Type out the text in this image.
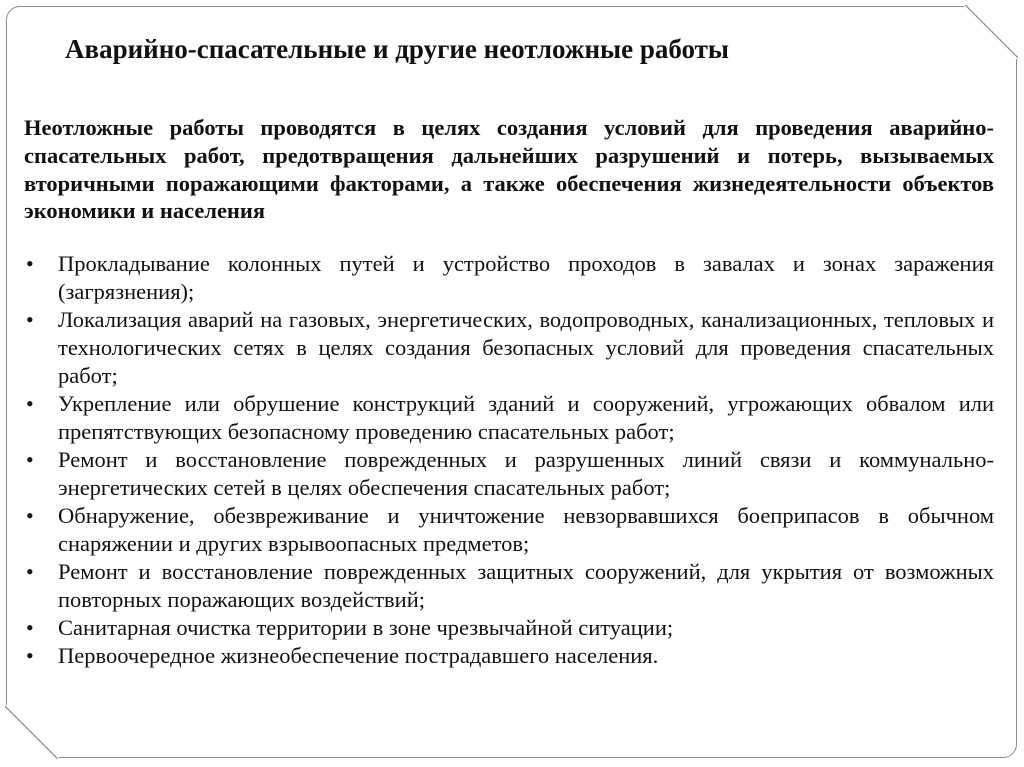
Аварийно-спасательные и другие неотложные работы

Неотложные работы проводятся в целях создания условий для проведения аварийно-спасательных работ, предотвращения дальнейших разрушений и потерь, вызываемых вторичными поражающими факторами, а также обеспечения жизнедеятельности объектов экономики и населения

•	Прокладывание колонных путей и устройство проходов в завалах и зонах заражения (загрязнения);
•	Локализация аварий на газовых, энергетических, водопроводных, канализационных, тепловых и технологических сетях в целях создания безопасных условий для проведения спасательных работ;
•	Укрепление или обрушение конструкций зданий и сооружений, угрожающих обвалом или препятствующих безопасному проведению спасательных работ;
•	Ремонт и восстановление поврежденных и разрушенных линий связи и коммунально-энергетических сетей в целях обеспечения спасательных работ;
•	Обнаружение, обезвреживание и уничтожение невзорвавшихся боеприпасов в обычном снаряжении и других взрывоопасных предметов;
•	Ремонт и восстановление поврежденных защитных сооружений, для укрытия от возможных повторных поражающих воздействий;
•	Санитарная очистка территории в зоне чрезвычайной ситуации;
•	Первоочередное жизнеобеспечение пострадавшего населения.
